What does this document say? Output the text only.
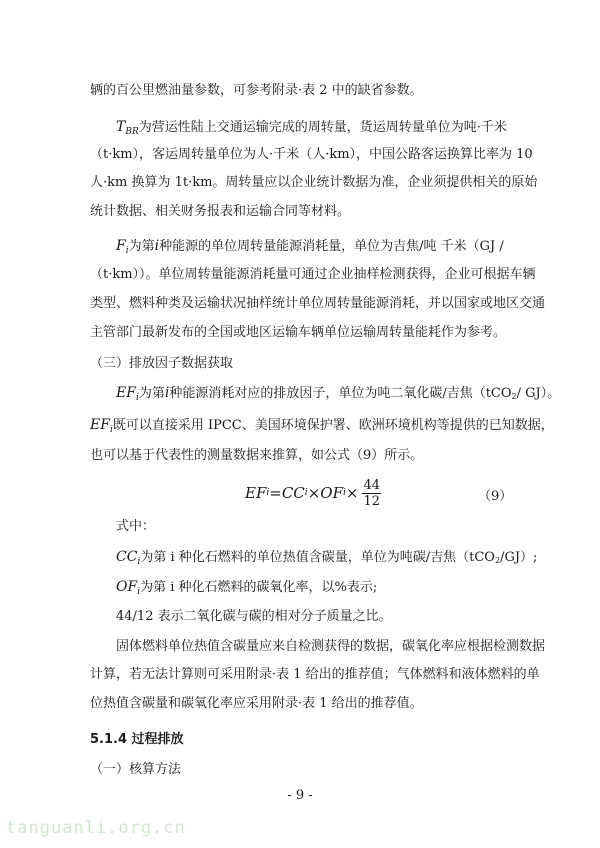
辆的百公里燃油量参数，可参考附录·表 2 中的缺省参数。
$T_{BR}$为营运性陆上交通运输完成的周转量，货运周转量单位为吨·千米
（t·km），客运周转量单位为人·千米（人·km），中国公路客运换算比率为 10
人·km 换算为 1t·km。周转量应以企业统计数据为准，企业须提供相关的原始
统计数据、相关财务报表和运输合同等材料。
$F_i$为第i种能源的单位周转量能源消耗量，单位为吉焦/吨 千米（GJ /
（t·km））。单位周转量能源消耗量可通过企业抽样检测获得，企业可根据车辆
类型、燃料种类及运输状况抽样统计单位周转量能源消耗，并以国家或地区交通
主管部门最新发布的全国或地区运输车辆单位运输周转量能耗作为参考。
（三）排放因子数据获取
$EF_i$为第i种能源消耗对应的排放因子，单位为吨二氧化碳/吉焦（tCO2/ GJ）。
$EF_i$既可以直接采用 IPCC、美国环境保护署、欧洲环境机构等提供的已知数据，
也可以基于代表性的测量数据来推算，如公式（9）所示。
EF i = CC i × OF $i \times \frac{44}{12}$	（9）
式中：
$CC_i$为第 i 种化石燃料的单位热值含碳量，单位为吨碳/吉焦（tCO2/GJ）;
$OF_i$为第 i 种化石燃料的碳氧化率，以%表示;
44/12 表示二氧化碳与碳的相对分子质量之比。
固体燃料单位热值含碳量应来自检测获得的数据，碳氧化率应根据检测数据
计算，若无法计算则可采用附录·表 1 给出的推荐值；气体燃料和液体燃料的单
位热值含碳量和碳氧化率应采用附录·表 1 给出的推荐值。
5.1.4 过程排放
（一）核算方法
- 9 -
tanguanli.org.cn
